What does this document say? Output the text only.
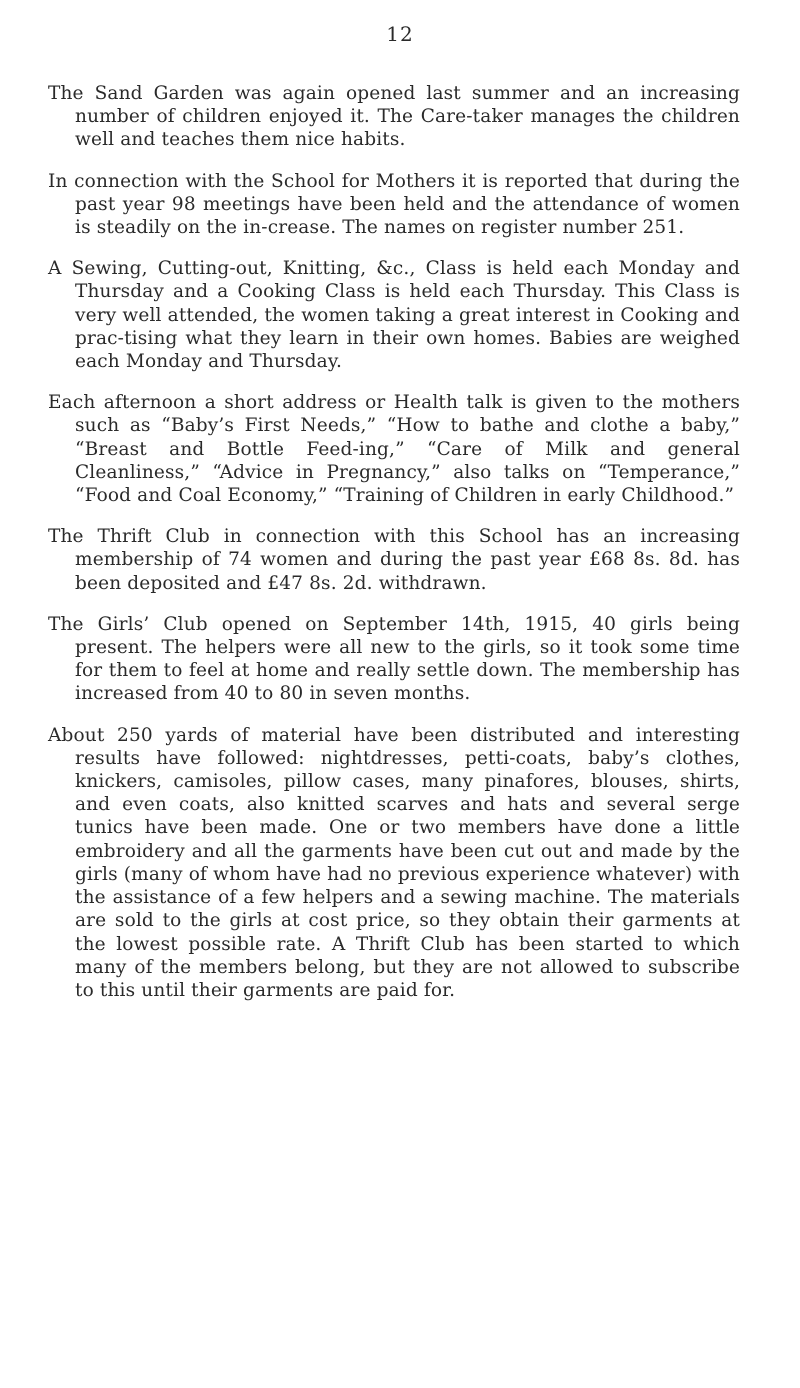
12

The Sand Garden was again opened last summer and an increasing number of children enjoyed it. The Care-taker manages the children well and teaches them nice habits.

In connection with the School for Mothers it is reported that during the past year 98 meetings have been held and the attendance of women is steadily on the in-crease. The names on register number 251.

A Sewing, Cutting-out, Knitting, &c., Class is held each Monday and Thursday and a Cooking Class is held each Thursday. This Class is very well attended, the women taking a great interest in Cooking and prac-tising what they learn in their own homes. Babies are weighed each Monday and Thursday.

Each afternoon a short address or Health talk is given to the mothers such as “Baby’s First Needs,” “How to bathe and clothe a baby,” “Breast and Bottle Feed-ing,” “Care of Milk and general Cleanliness,” “Advice in Pregnancy,” also talks on “Temperance,” “Food and Coal Economy,” “Training of Children in early Childhood.”

The Thrift Club in connection with this School has an increasing membership of 74 women and during the past year £68 8s. 8d. has been deposited and £47 8s. 2d. withdrawn.

The Girls’ Club opened on September 14th, 1915, 40 girls being present. The helpers were all new to the girls, so it took some time for them to feel at home and really settle down. The membership has increased from 40 to 80 in seven months.

About 250 yards of material have been distributed and interesting results have followed: nightdresses, petti-coats, baby’s clothes, knickers, camisoles, pillow cases, many pinafores, blouses, shirts, and even coats, also knitted scarves and hats and several serge tunics have been made. One or two members have done a little embroidery and all the garments have been cut out and made by the girls (many of whom have had no previous experience whatever) with the assistance of a few helpers and a sewing machine. The materials are sold to the girls at cost price, so they obtain their garments at the lowest possible rate. A Thrift Club has been started to which many of the members belong, but they are not allowed to subscribe to this until their garments are paid for.
